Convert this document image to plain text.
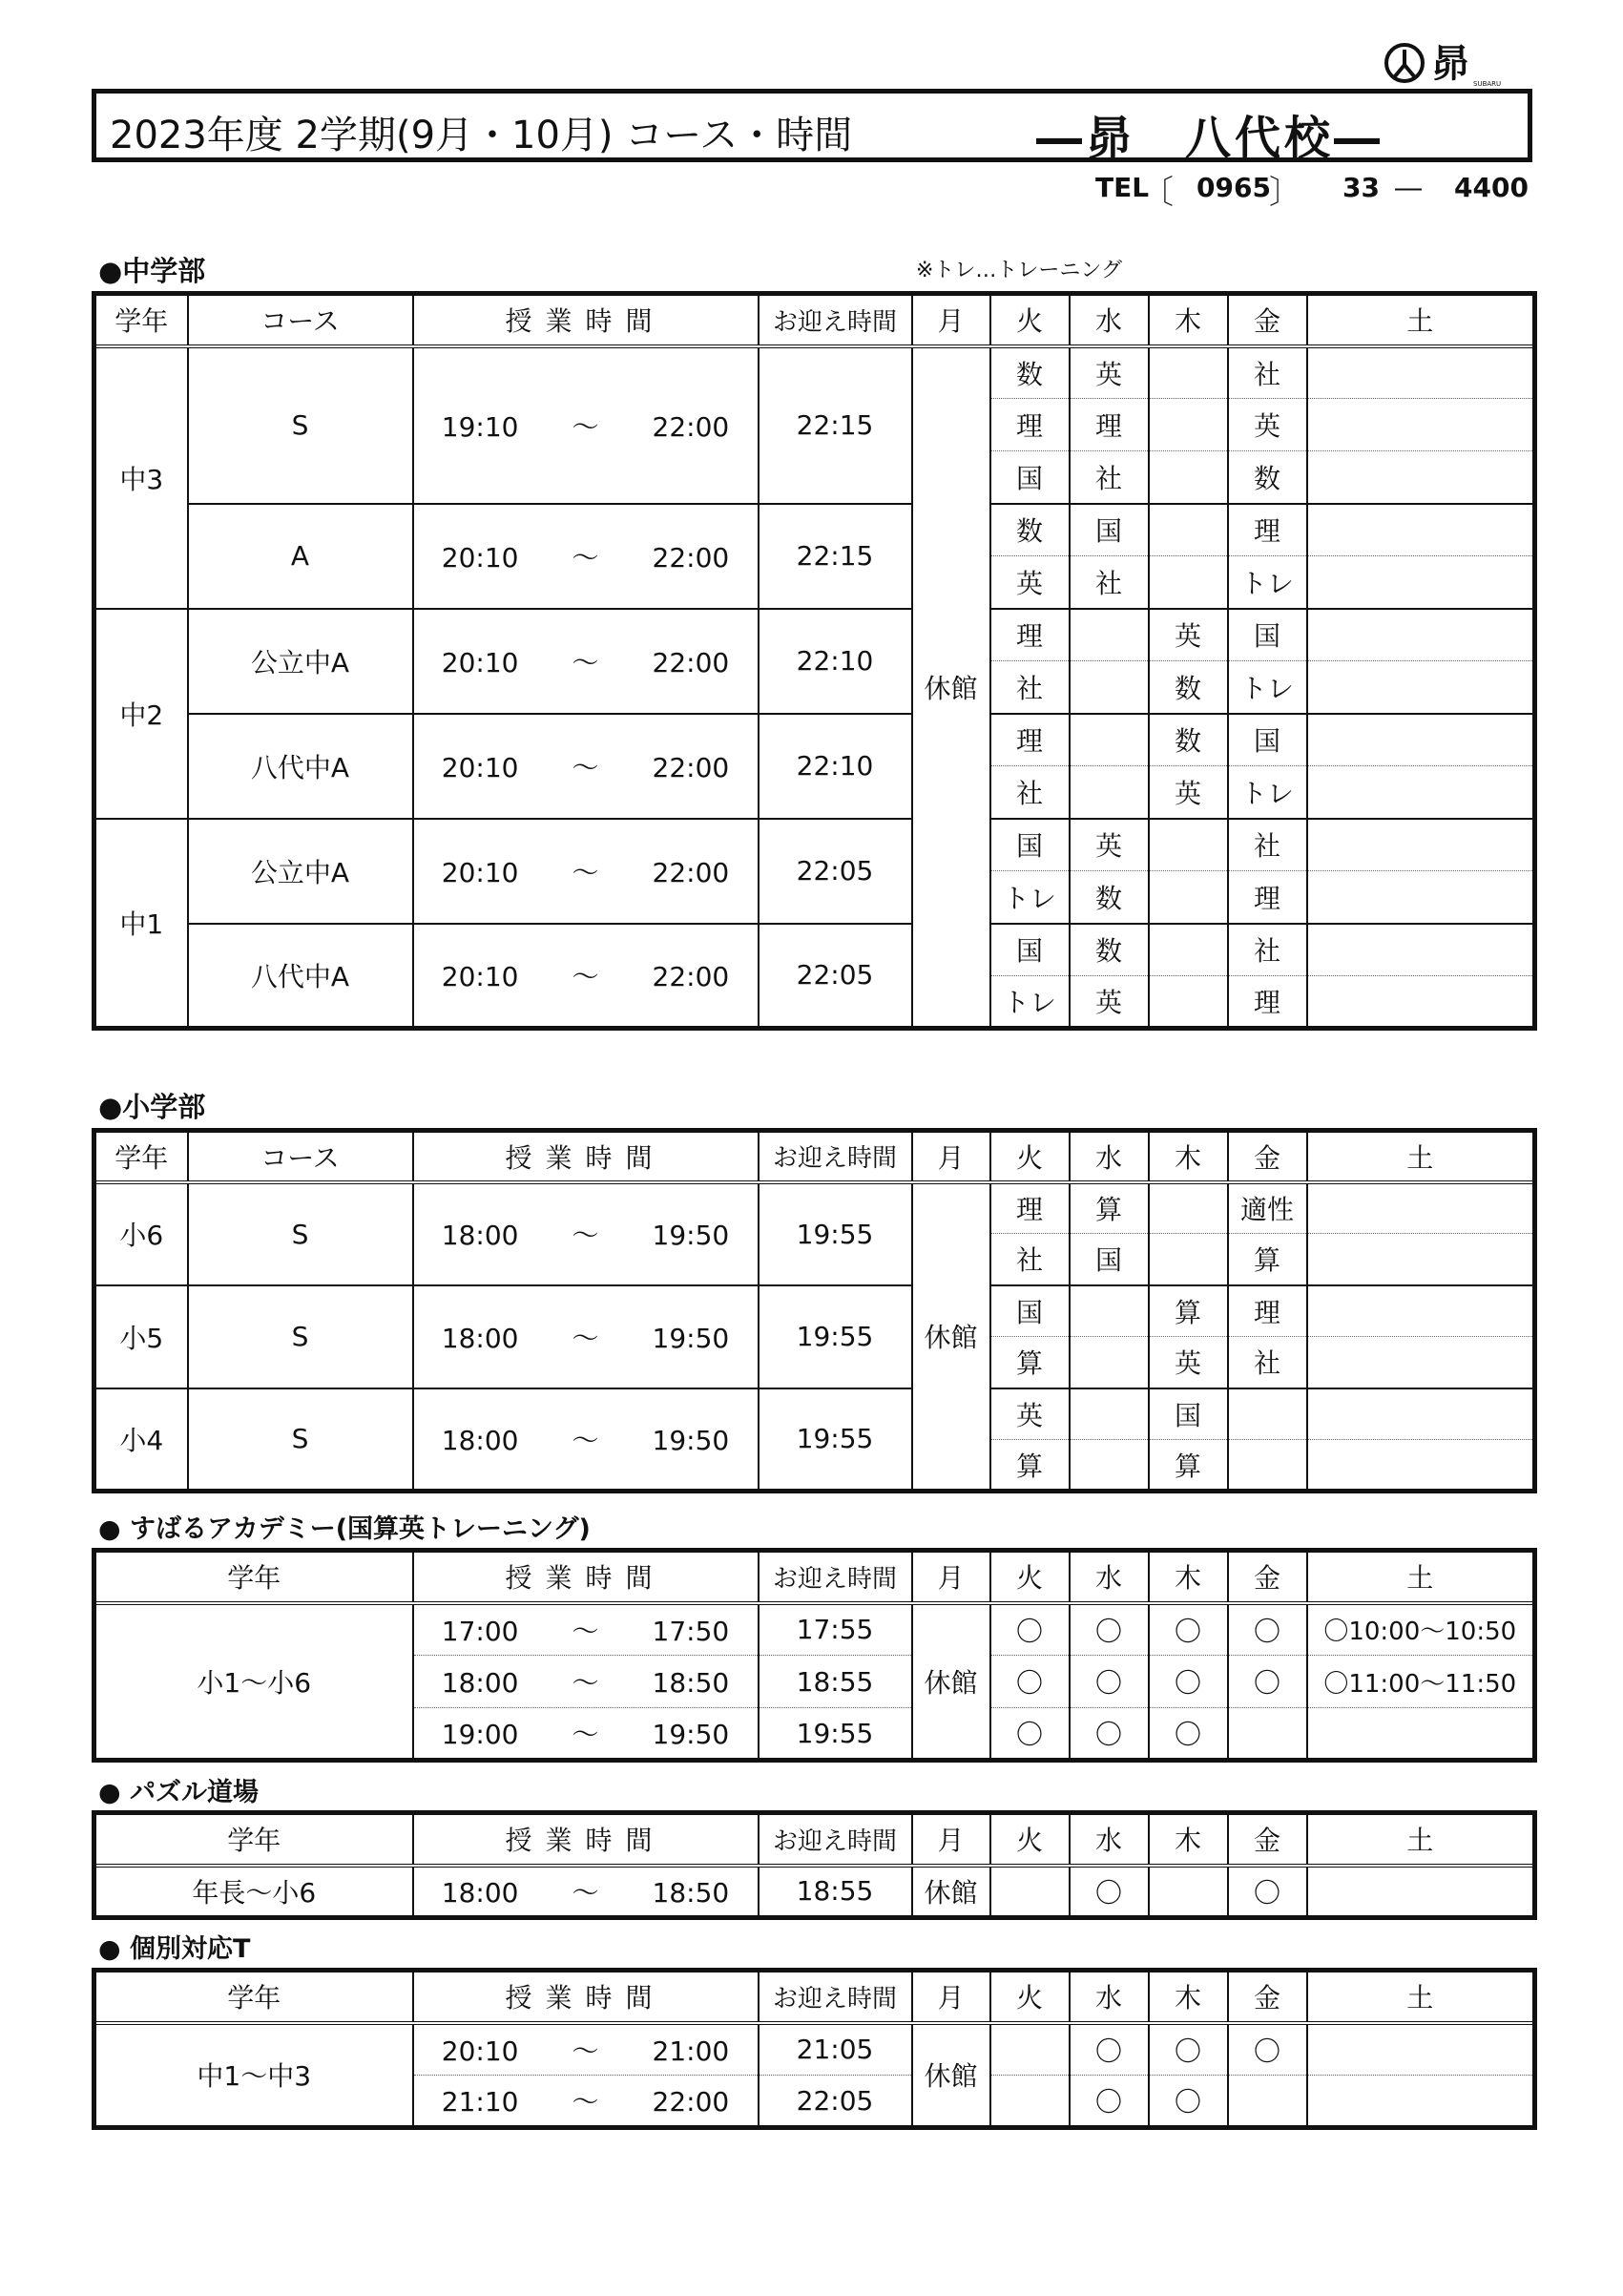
昴 SUBARU
2023年度 2学期(9月・10月) コース・時間	―昴　八代校―
TEL
〔 0965
〕 33 ― 4400
●中学部	※トレ…トレーニング
学年	コース	授業時間	お迎え時間	月	火	水	木	金	土
中3	S	19:10 ～ 22:00	22:15	休館	数	英		社	
					理	理		英	
					国	社		数	
	A	20:10 ～ 22:00	22:15		数	国		理	
					英	社		トレ	
中2	公立中A	20:10 ～ 22:00	22:10		理		英	国	
					社		数	トレ	
	八代中A	20:10 ～ 22:00	22:10		理		数	国	
					社		英	トレ	
中1	公立中A	20:10 ～ 22:00	22:05		国	英		社	
					トレ	数		理	
	八代中A	20:10 ～ 22:00	22:05		国	数		社	
					トレ	英		理	
●小学部
学年	コース	授業時間	お迎え時間	月	火	水	木	金	土
小6	S	18:00 ～ 19:50	19:55	休館	理	算		適性	
					社	国		算	
小5	S	18:00 ～ 19:50	19:55		国		算	理	
					算		英	社	
小4	S	18:00 ～ 19:50	19:55		英		国		
					算		算		
● すばるアカデミー(国算英トレーニング)
学年	授業時間	お迎え時間	月	火	水	木	金	土
小1～小6	17:00 ～ 17:50	17:55	休館	〇	〇	〇	〇	〇10:00～10:50
	18:00 ～ 18:50	18:55		〇	〇	〇	〇	〇11:00～11:50
	19:00 ～ 19:50	19:55		〇	〇	〇		
● パズル道場
学年	授業時間	お迎え時間	月	火	水	木	金	土
年長～小6	18:00 ～ 18:50	18:55	休館		〇		〇	
● 個別対応T
学年	授業時間	お迎え時間	月	火	水	木	金	土
中1～中3	20:10 ～ 21:00	21:05	休館		〇	〇	〇	
	21:10 ～ 22:00	22:05			〇	〇		
